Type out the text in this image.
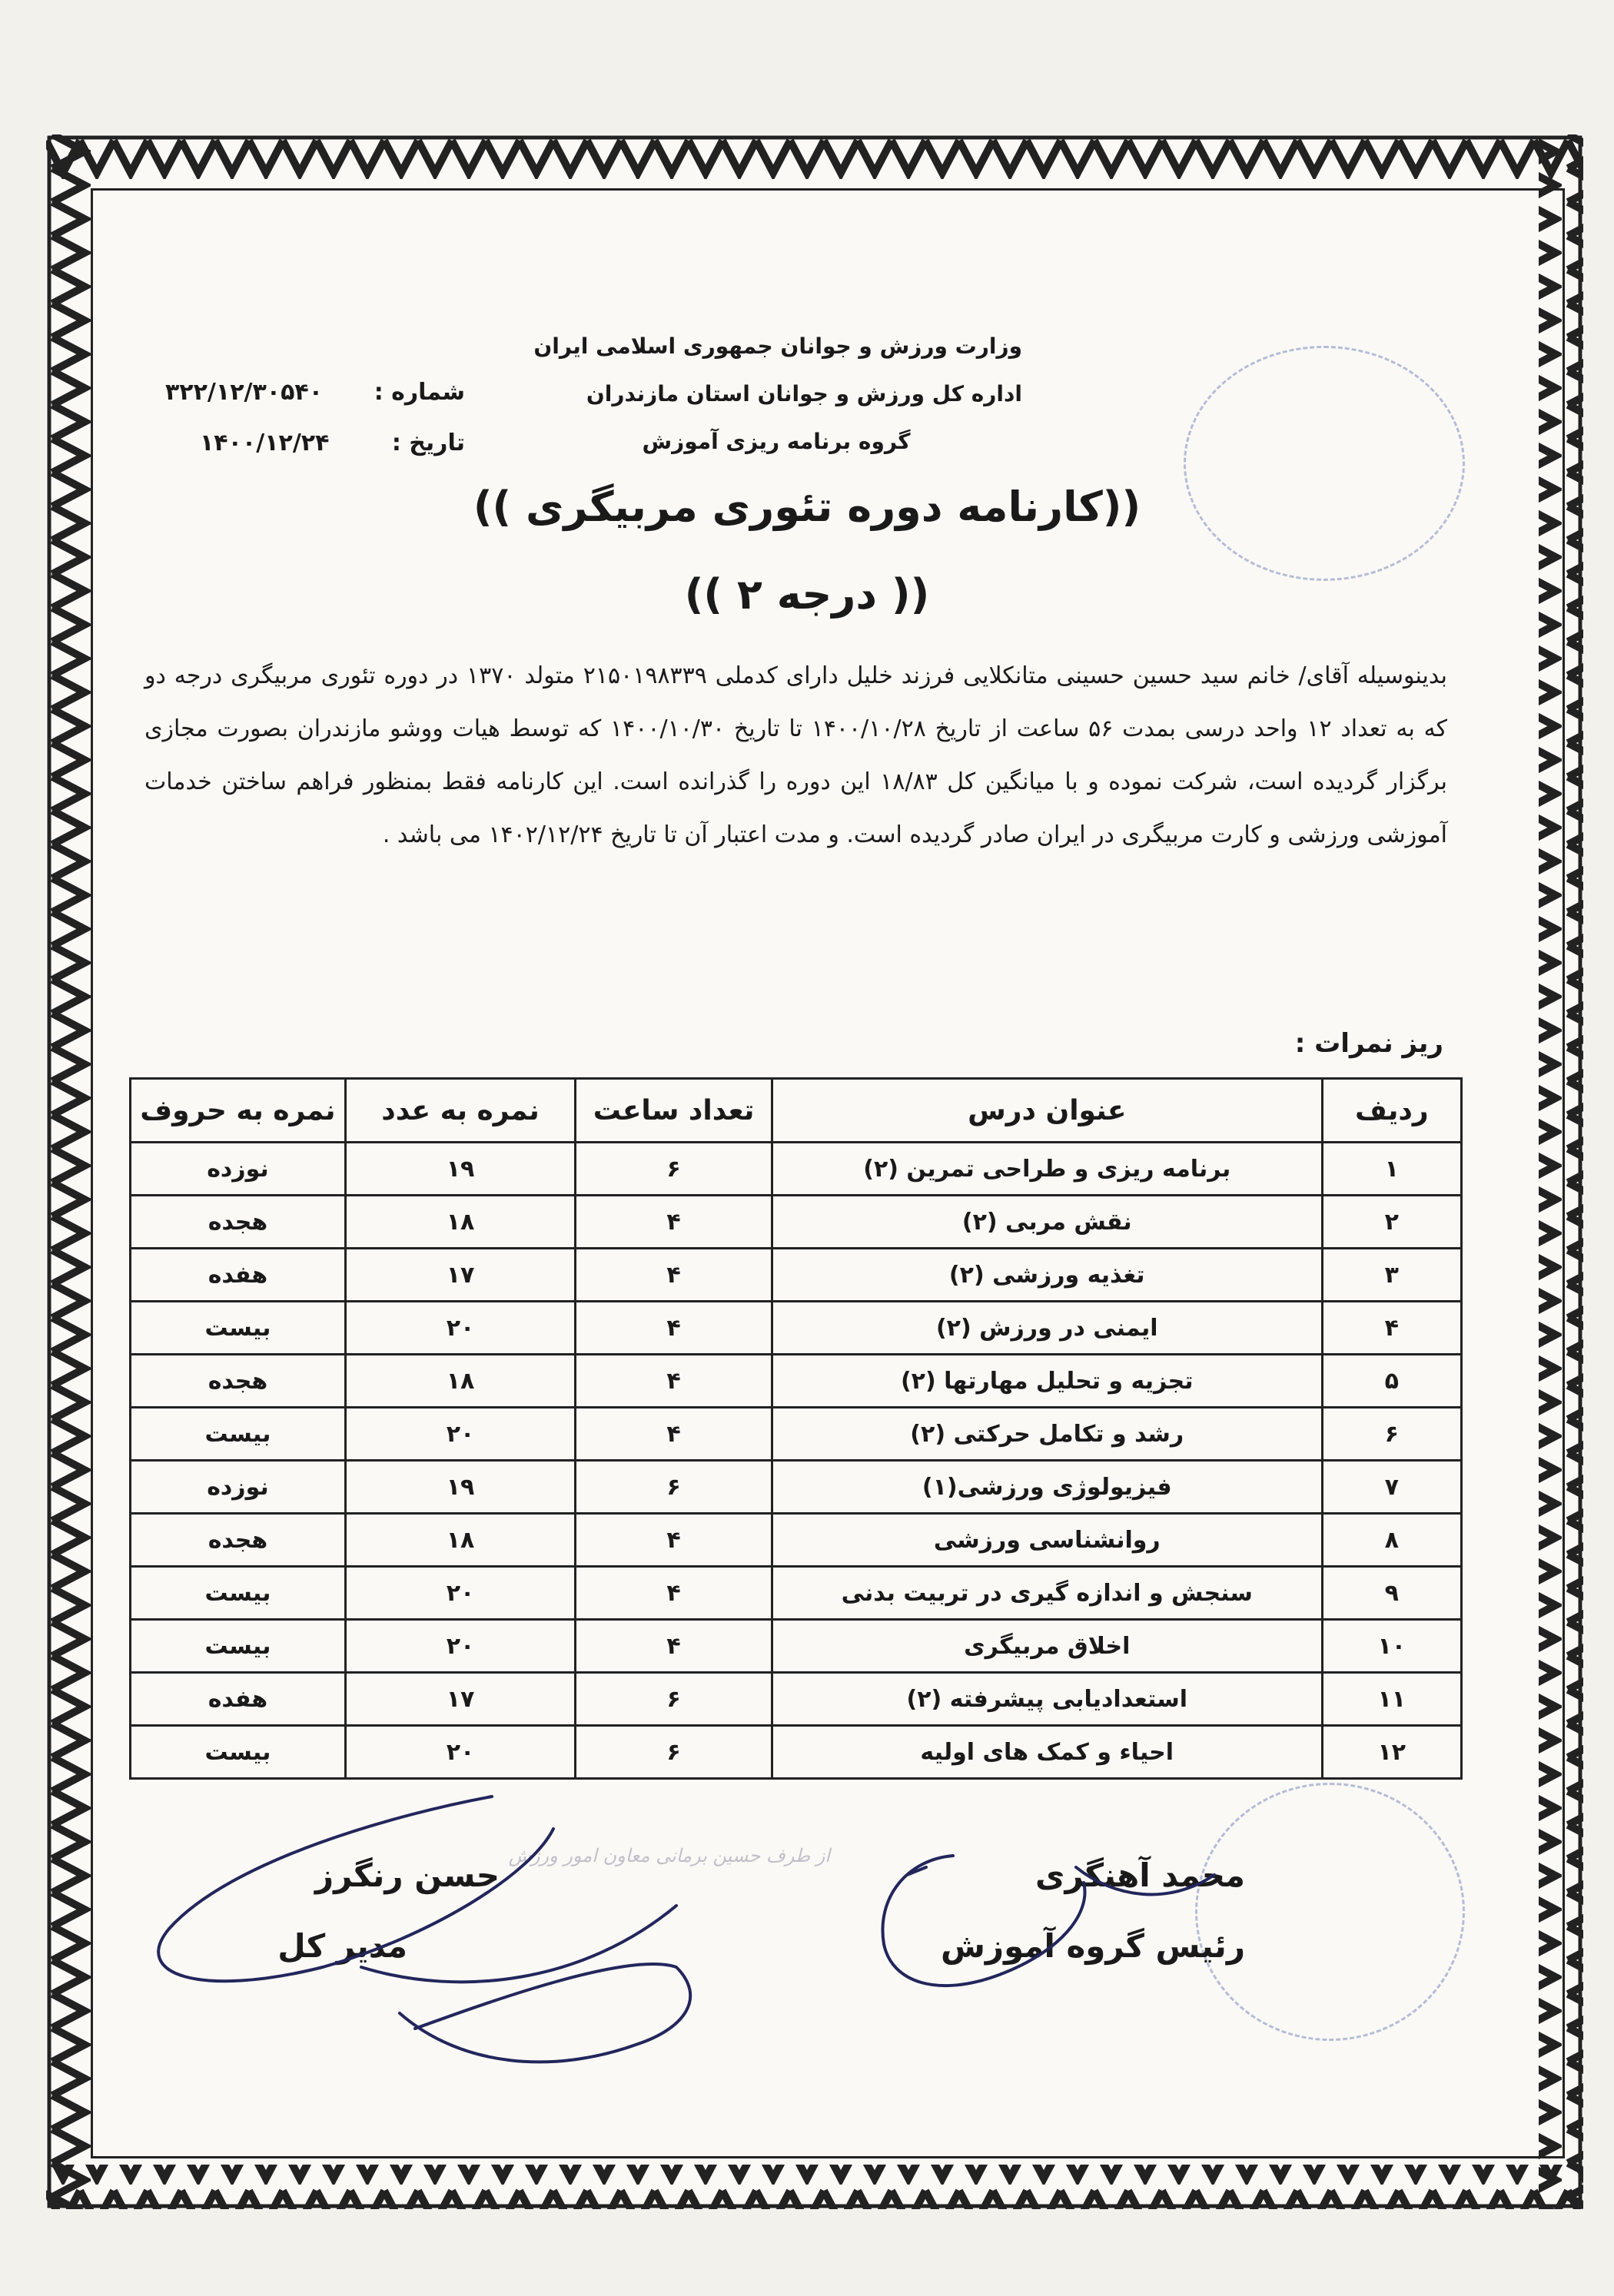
وزارت ورزش و جوانان جمهوری اسلامی ایران
اداره کل ورزش و جوانان استان مازندران
گروه برنامه ریزی آموزش
۳۲۲/۱۲/۳۰۵۴۰ شماره :
۱۴۰۰/۱۲/۲۴	تاریخ :
((کارنامه دوره تئوری مربیگری ))
(( درجه ۲ ))

بدینوسیله آقای/ خانم سید حسین حسینی متانکلایی فرزند خلیل دارای کدملی ۲۱۵۰۱۹۸۳۳۹ متولد ۱۳۷۰ در دوره تئوری مربیگری درجه دو که به تعداد ۱۲ واحد درسی بمدت ۵۶ ساعت از تاریخ ۱۴۰۰/۱۰/۲۸ تا تاریخ ۱۴۰۰/۱۰/۳۰ که توسط هیات ووشو مازندران بصورت مجازی برگزار گردیده است، شرکت نموده و با میانگین کل ۱۸/۸۳ این دوره را گذرانده است. این کارنامه فقط بمنظور فراهم ساختن خدمات آموزشی ورزشی و کارت مربیگری در ایران صادر گردیده است. و مدت اعتبار آن تا تاریخ ۱۴۰۲/۱۲/۲۴ می باشد .

ریز نمرات :
ردیف	عنوان درس	تعداد ساعت	نمره به عدد	نمره به حروف
۱	برنامه ریزی و طراحی تمرین (۲)	۶	۱۹	نوزده
۲	نقش مربی (۲)	۴	۱۸	هجده
۳	تغذیه ورزشی (۲)	۴	۱۷	هفده
۴	ایمنی در ورزش (۲)	۴	۲۰	بیست
۵	تجزیه و تحلیل مهارتها (۲)	۴	۱۸	هجده
۶	رشد و تکامل حرکتی (۲)	۴	۲۰	بیست
۷	فیزیولوژی ورزشی(۱)	۶	۱۹	نوزده
۸	روانشناسی ورزشی	۴	۱۸	هجده
۹	سنجش و اندازه گیری در تربیت بدنی	۴	۲۰	بیست
۱۰	اخلاق مربیگری	۴	۲۰	بیست
۱۱	استعدادیابی پیشرفته (۲)	۶	۱۷	هفده
۱۲	احیاء و کمک های اولیه	۶	۲۰	بیست
حسن رنگرز
مدیر کل
محمد آهنگری
رئیس گروه آموزش
از طرف حسین برمانی معاون امور ورزش
